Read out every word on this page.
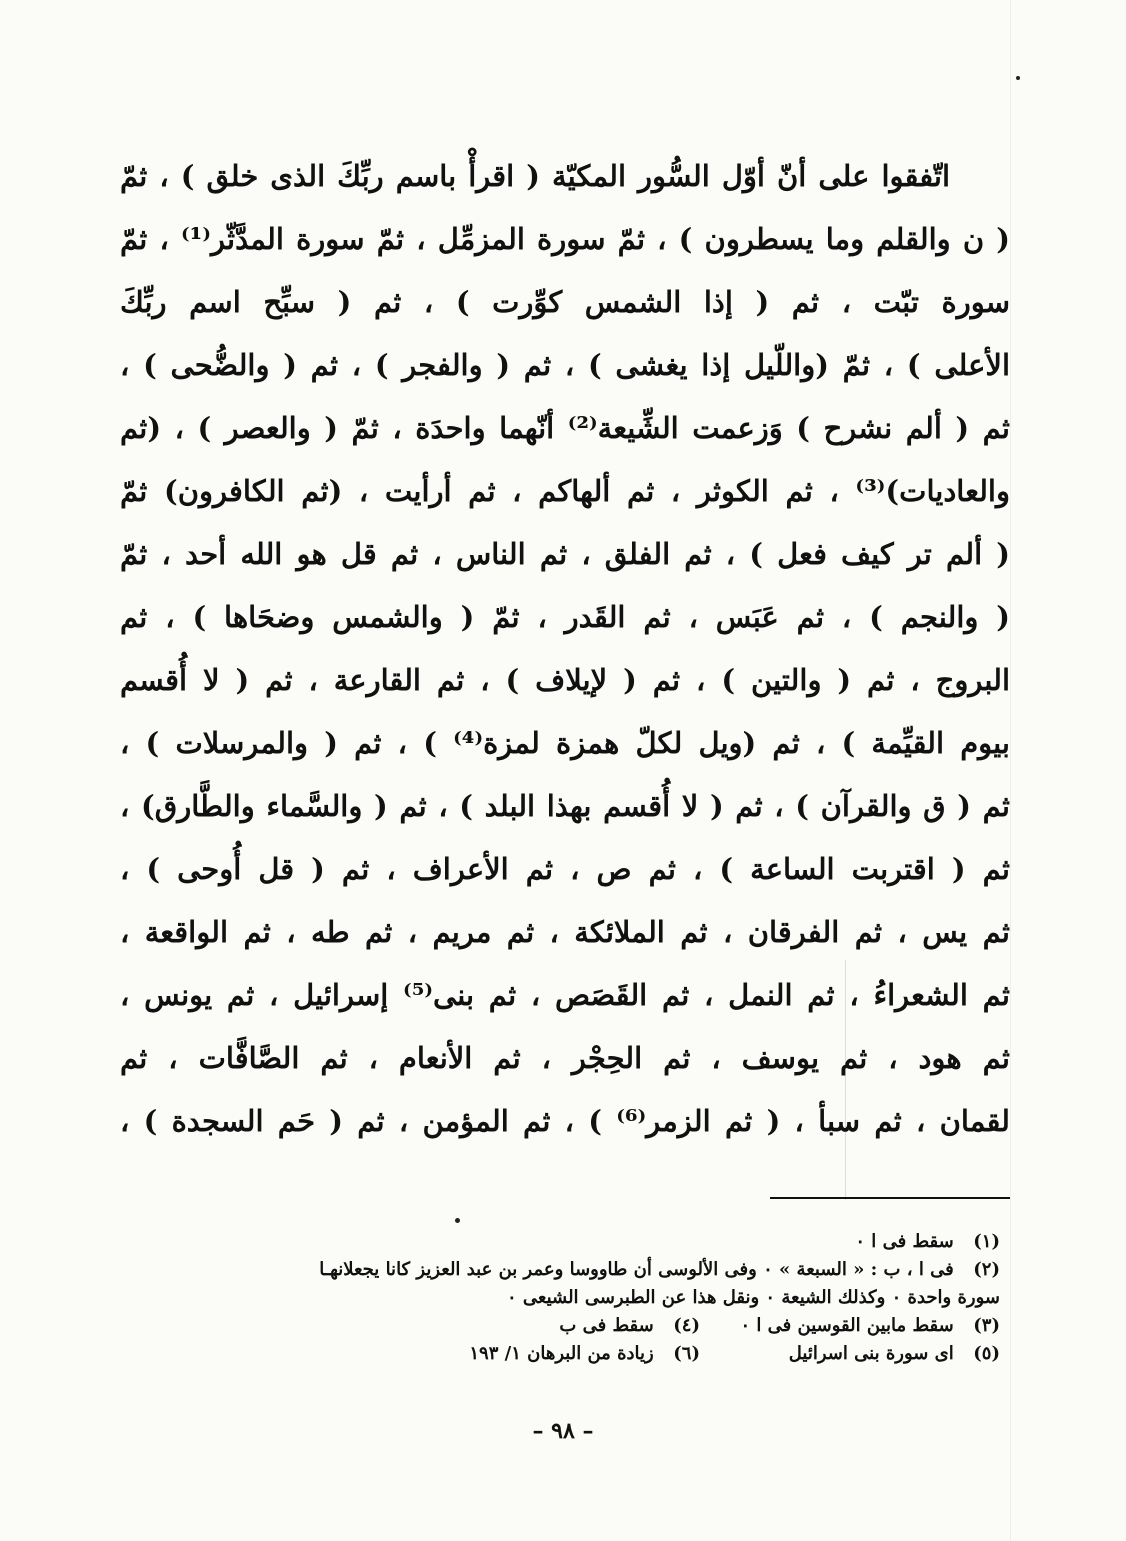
اتّفقوا على أنّ أوّل السُّور المكيّة ( اقرأْ باسم ربِّكَ الذى خلق ) ، ثمّ
( ن والقلم وما يسطرون ) ، ثمّ سورة المزمِّل ، ثمّ سورة المدَّثّر⁽¹⁾ ، ثمّ
سورة تبّت ، ثم ( إذا الشمس كوِّرت ) ، ثم ( سبِّح اسم ربِّكَ
الأعلى ) ، ثمّ (واللّيل إذا يغشى ) ، ثم ( والفجر ) ، ثم ( والضُّحى ) ،
ثم ( ألم نشرح ) وَزعمت الشِّيعة⁽²⁾ أنّهما واحدَة ، ثمّ ( والعصر ) ، (ثم
والعاديات)⁽³⁾ ، ثم الكوثر ، ثم ألهاكم ، ثم أرأيت ، (ثم الكافرون) ثمّ
( ألم تر كيف فعل ) ، ثم الفلق ، ثم الناس ، ثم قل هو الله أحد ، ثمّ
( والنجم ) ، ثم عَبَس ، ثم القَدر ، ثمّ ( والشمس وضحَاها ) ، ثم
البروج ، ثم ( والتين ) ، ثم ( لإيلاف ) ، ثم القارعة ، ثم ( لا أُقسم
بيوم القيِّمة ) ، ثم (ويل لكلّ همزة لمزة⁽⁴⁾ ) ، ثم ( والمرسلات ) ،
ثم ( ق والقرآن ) ، ثم ( لا أُقسم بهذا البلد ) ، ثم ( والسَّماء والطَّارق) ،
ثم ( اقتربت الساعة ) ، ثم ص ، ثم الأعراف ، ثم ( قل أُوحى ) ،
ثم يس ، ثم الفرقان ، ثم الملائكة ، ثم مريم ، ثم طه ، ثم الواقعة ،
ثم الشعراءُ ، ثم النمل ، ثم القَصَص ، ثم بنى⁽⁵⁾ إسرائيل ، ثم يونس ،
ثم هود ، ثم يوسف ، ثم الحِجْر ، ثم الأنعام ، ثم الصَّافَّات ، ثم
لقمان ، ثم سبأ ، ( ثم الزمر⁽⁶⁾ ) ، ثم المؤمن ، ثم ( حَم السجدة ) ،
(١) سقط فى ا ٠
(٢) فى ا ، ب : « السبعة » ٠ وفى الألوسى أن طاووسا وعمر بن عبد العزيز كانا يجعلانهـا
سورة واحدة ٠ وكذلك الشيعة ٠ ونقل هذا عن الطبرسى الشيعى ٠
(٣) سقط مابين القوسين فى ا ٠
(٤) سقط فى ب
(٥) اى سورة بنى اسرائيل
(٦) زيادة من البرهان ١/ ١٩٣
– ٩٨ –
